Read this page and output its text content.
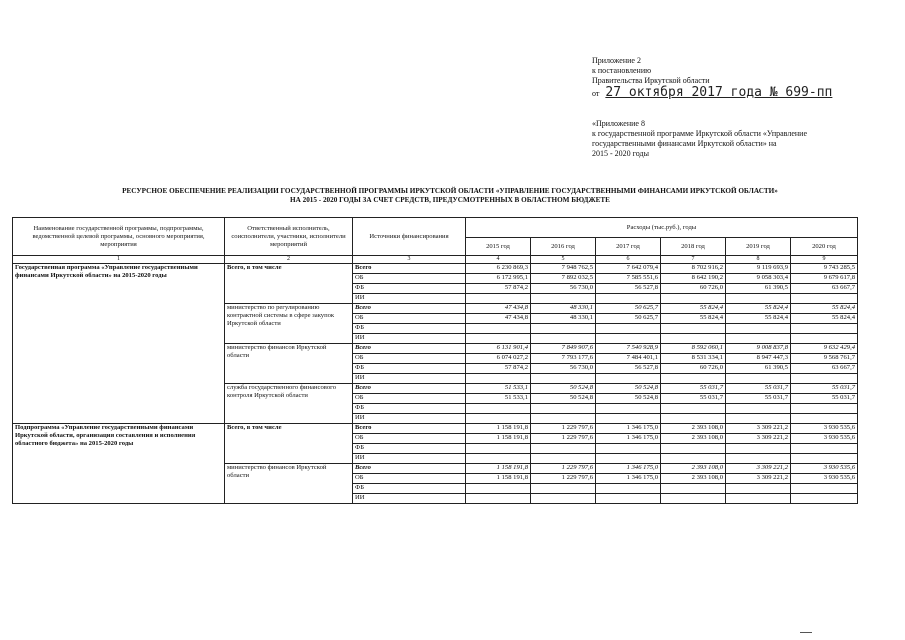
Приложение 2
к постановлению
Правительства Иркутской области
от 27 октября 2017 года № 699-пп
«Приложение 8
к государственной программе Иркутской области «Управление
государственными финансами Иркутской области» на
2015 - 2020 годы
РЕСУРСНОЕ ОБЕСПЕЧЕНИЕ РЕАЛИЗАЦИИ ГОСУДАРСТВЕННОЙ ПРОГРАММЫ ИРКУТСКОЙ ОБЛАСТИ «УПРАВЛЕНИЕ ГОСУДАРСТВЕННЫМИ ФИНАНСАМИ ИРКУТСКОЙ ОБЛАСТИ»
НА 2015 - 2020 ГОДЫ ЗА СЧЕТ СРЕДСТВ, ПРЕДУСМОТРЕННЫХ В ОБЛАСТНОМ БЮДЖЕТЕ
Наименование государственной программы, подпрограммы, ведомственной целевой программы, основного мероприятия, мероприятия	Ответственный исполнитель, соисполнители, участники, исполнители мероприятий	Источники финансирования	Расходы (тыс.руб.), годы					
			2015 год	2016 год	2017 год	2018 год	2019 год	2020 год
1	2	3	4	5	6	7	8	9
Государственная программа «Управление государственными финансами Иркутской области» на 2015-2020 годы	Всего, в том числе	Всего	6 230 869,3	7 948 762,5	7 642 079,4	8 702 916,2	9 119 693,9	9 743 285,5
		ОБ	6 172 995,1	7 892 032,5	7 585 551,6	8 642 190,2	9 058 303,4	9 679 617,8
		ФБ	57 874,2	56 730,0	56 527,8	60 726,0	61 390,5	63 667,7
		ИИ						
	министерство по регулированию контрактной системы в сфере закупок Иркутской области	Всего	47 434,8	48 330,1	50 625,7	55 824,4	55 824,4	55 824,4
		ОБ	47 434,8	48 330,1	50 625,7	55 824,4	55 824,4	55 824,4
		ФБ						
		ИИ						
	министерство финансов Иркутской области	Всего	6 131 901,4	7 849 907,6	7 540 928,9	8 592 060,1	9 008 837,8	9 632 429,4
		ОБ	6 074 027,2	7 793 177,6	7 484 401,1	8 531 334,1	8 947 447,3	9 568 761,7
		ФБ	57 874,2	56 730,0	56 527,8	60 726,0	61 390,5	63 667,7
		ИИ						
	служба государственного финансового контроля Иркутской области	Всего	51 533,1	50 524,8	50 524,8	55 031,7	55 031,7	55 031,7
		ОБ	51 533,1	50 524,8	50 524,8	55 031,7	55 031,7	55 031,7
		ФБ						
		ИИ						
Подпрограмма «Управление государственными финансами Иркутской области, организация составления и исполнения областного бюджета» на 2015-2020 годы	Всего, в том числе	Всего	1 158 191,8	1 229 797,6	1 346 175,0	2 393 108,0	3 309 221,2	3 930 535,6
		ОБ	1 158 191,8	1 229 797,6	1 346 175,0	2 393 108,0	3 309 221,2	3 930 535,6
		ФБ						
		ИИ						
	министерство финансов Иркутской области	Всего	1 158 191,8	1 229 797,6	1 346 175,0	2 393 108,0	3 309 221,2	3 930 535,6
		ОБ	1 158 191,8	1 229 797,6	1 346 175,0	2 393 108,0	3 309 221,2	3 930 535,6
		ФБ						
		ИИ						
